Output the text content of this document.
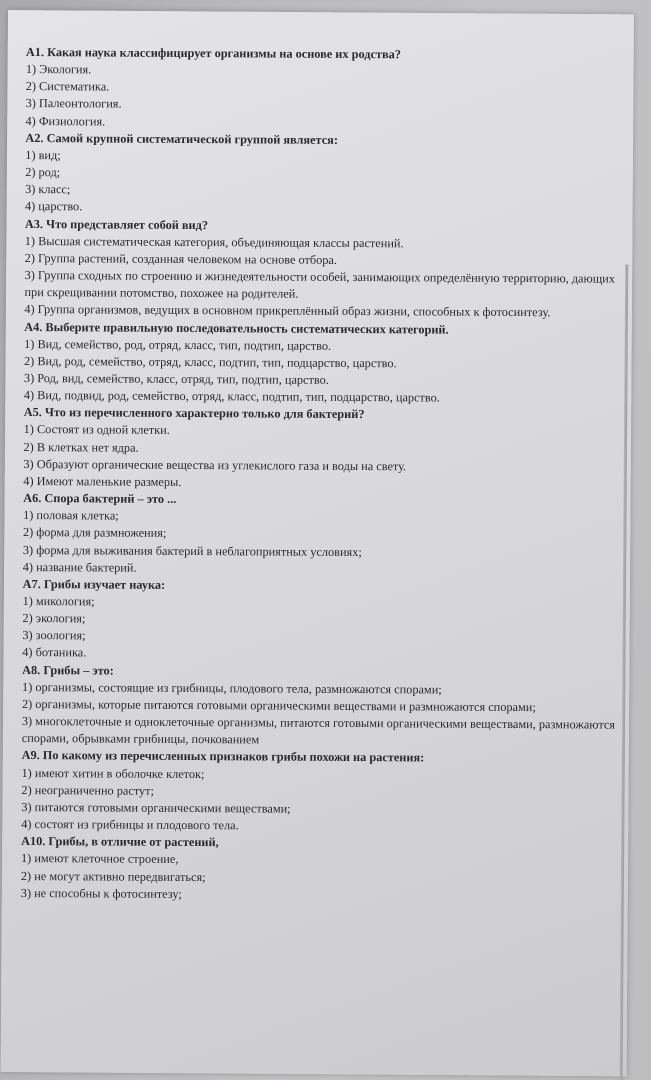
А1. Какая наука классифицирует организмы на основе их родства?
1) Экология.
2) Систематика.
3) Палеонтология.
4) Физиология.
А2. Самой крупной систематической группой является:
1) вид;
2) род;
3) класс;
4) царство.
А3. Что представляет собой вид?
1) Высшая систематическая категория, объединяющая классы растений.
2) Группа растений, созданная человеком на основе отбора.
3) Группа сходных по строению и жизнедеятельности особей, занимающих определённую территорию, дающих при скрещивании потомство, похожее на родителей.
4) Группа организмов, ведущих в основном прикреплённый образ жизни, способных к фотосинтезу.
А4. Выберите правильную последовательность систематических категорий.
1) Вид, семейство, род, отряд, класс, тип, подтип, царство.
2) Вид, род, семейство, отряд, класс, подтип, тип, подцарство, царство.
3) Род, вид, семейство, класс, отряд, тип, подтип, царство.
4) Вид, подвид, род, семейство, отряд, класс, подтип, тип, подцарство, царство.
А5. Что из перечисленного характерно только для бактерий?
1) Состоят из одной клетки.
2) В клетках нет ядра.
3) Образуют органические вещества из углекислого газа и воды на свету.
4) Имеют маленькие размеры.
А6. Спора бактерий – это ...
1) половая клетка;
2) форма для размножения;
3) форма для выживания бактерий в неблагоприятных условиях;
4) название бактерий.
А7. Грибы изучает наука:
1) микология;
2) экология;
3) зоология;
4) ботаника.
А8. Грибы – это:
1) организмы, состоящие из грибницы, плодового тела, размножаются спорами;
2) организмы, которые питаются готовыми органическими веществами и размножаются спорами;
3) многоклеточные и одноклеточные организмы, питаются готовыми органическими веществами, размножаются спорами, обрывками грибницы, почкованием
А9. По какому из перечисленных признаков грибы похожи на растения:
1) имеют хитин в оболочке клеток;
2) неограниченно растут;
3) питаются готовыми органическими веществами;
4) состоят из грибницы и плодового тела.
А10. Грибы, в отличие от растений,
1) имеют клеточное строение,
2) не могут активно передвигаться;
3) не способны к фотосинтезу;
